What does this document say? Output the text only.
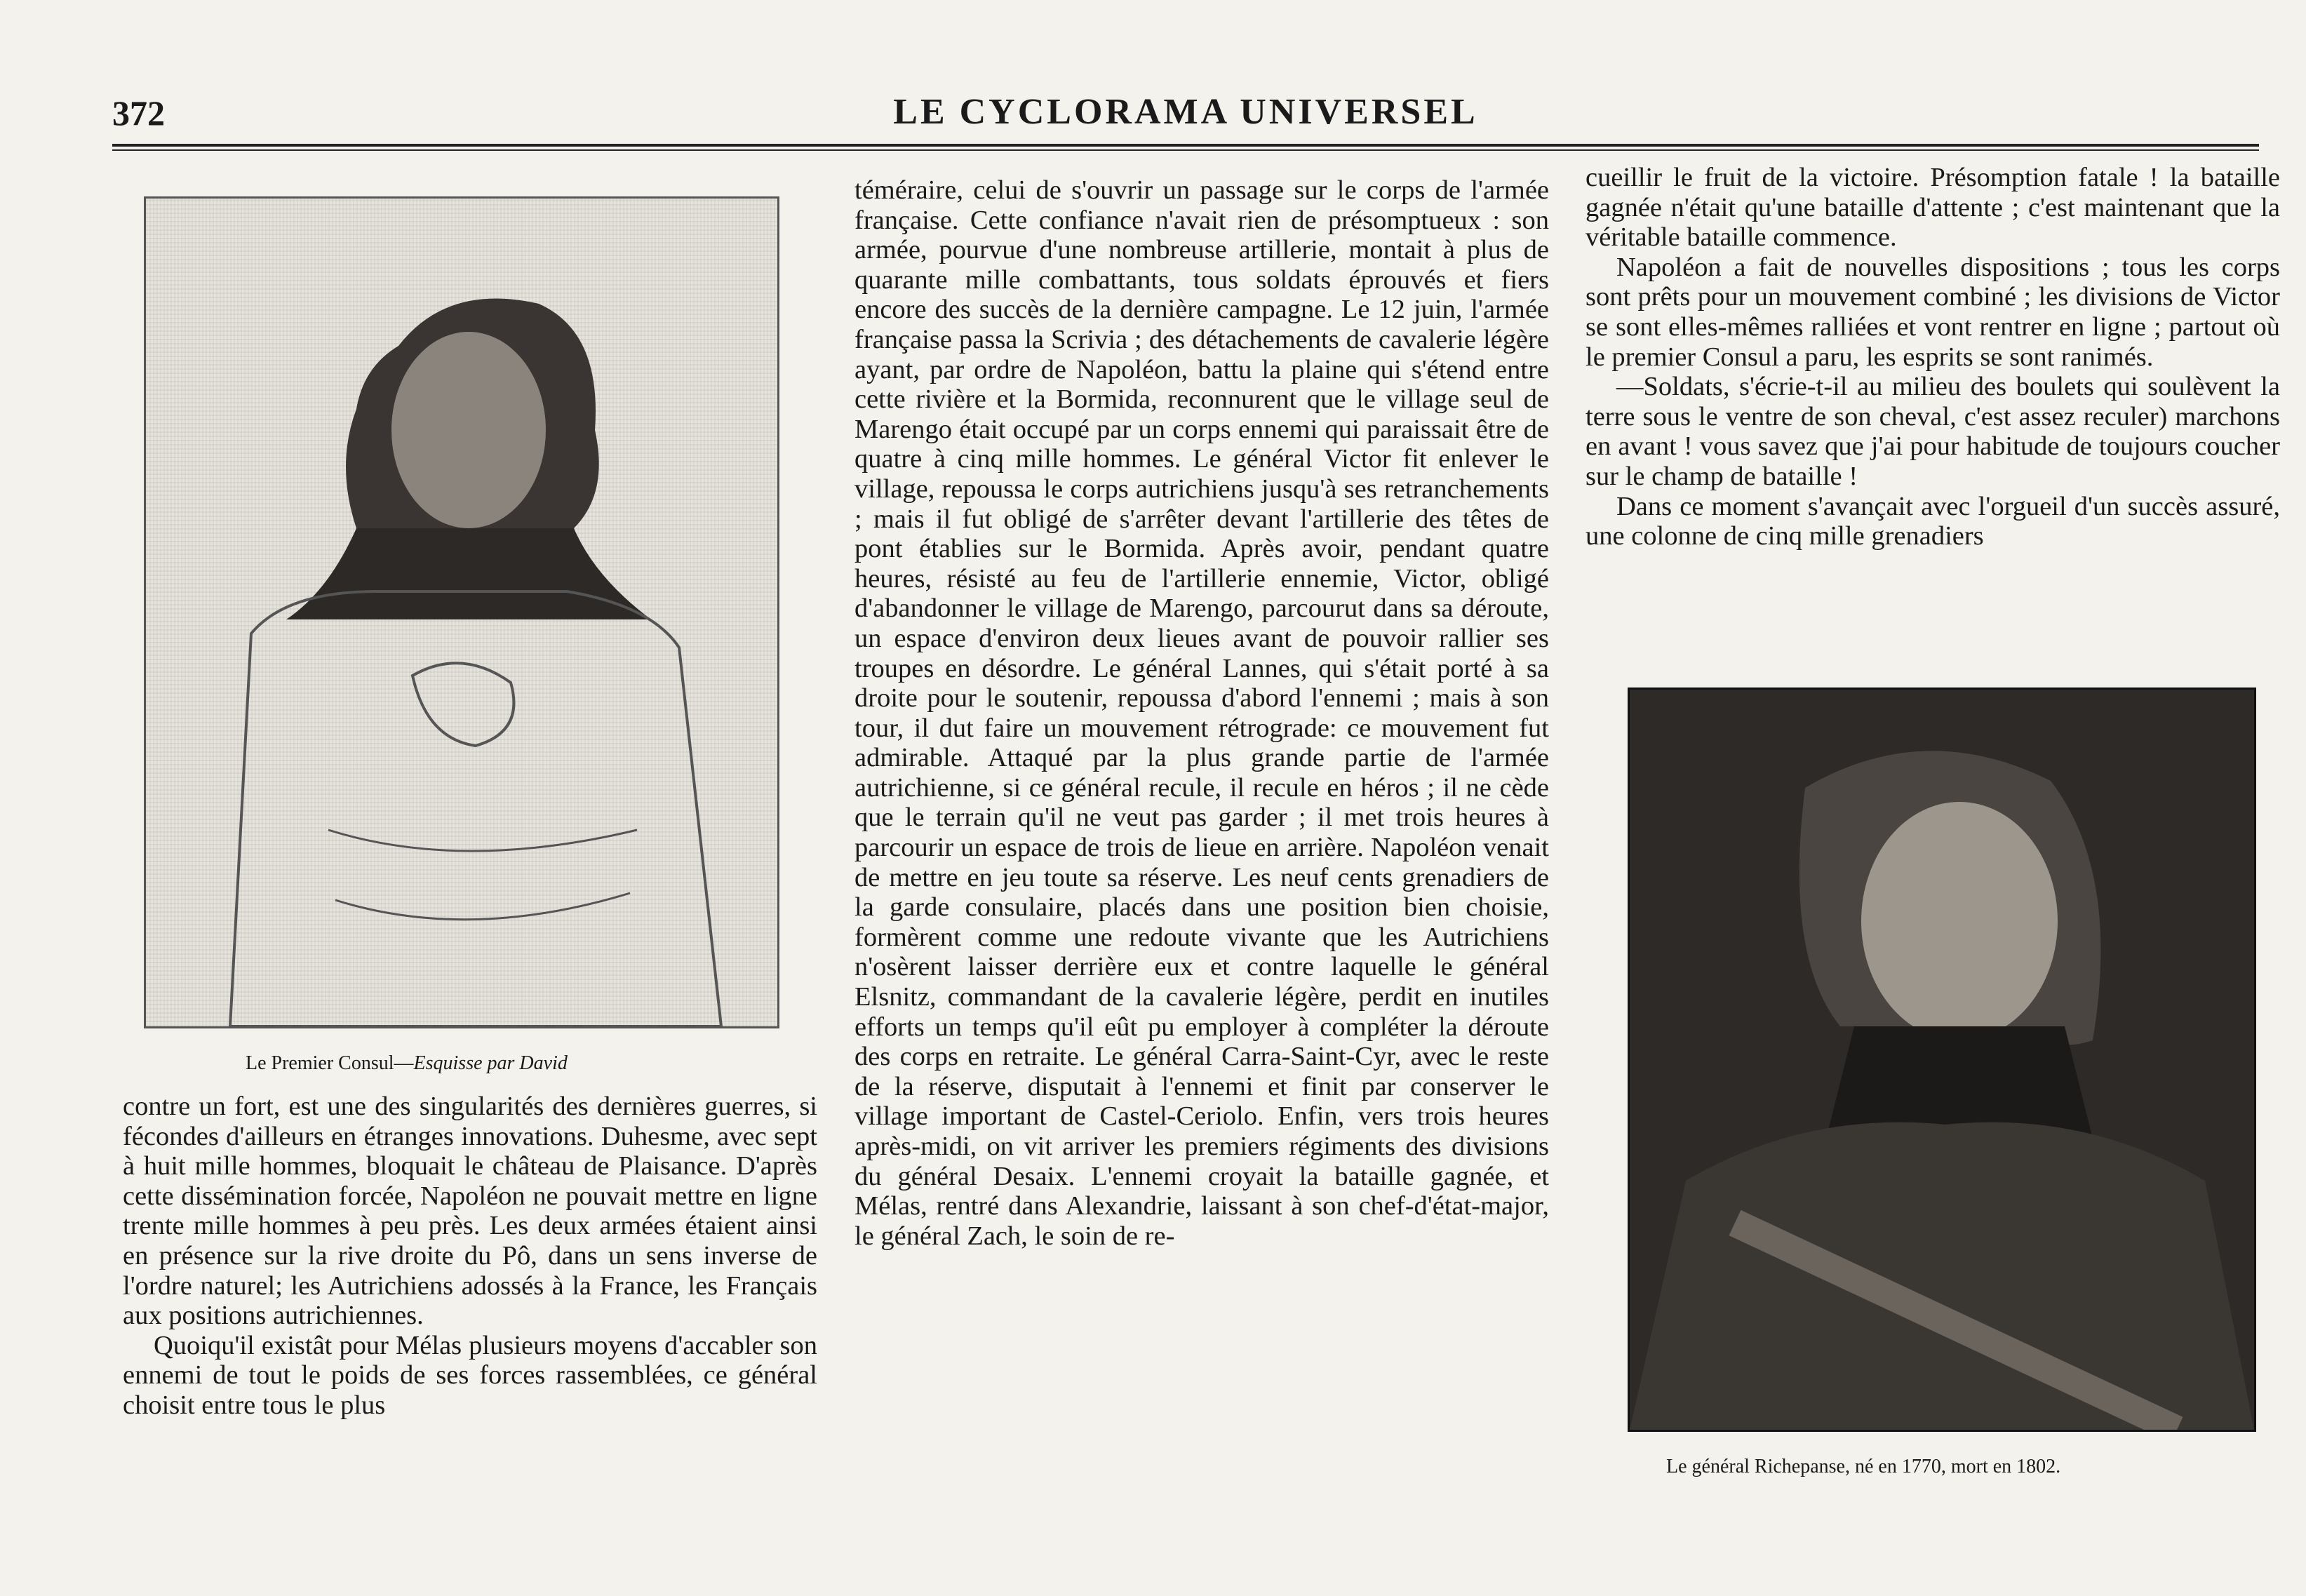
372	LE CYCLORAMA UNIVERSEL
Le Premier Consul—Esquisse par David
Le général Richepanse, né en 1770, mort en 1802.

contre un fort, est une des singularités des dernières guerres, si fécondes d'ailleurs en étranges innovations. Duhesme, avec sept à huit mille hommes, bloquait le château de Plaisance. D'après cette dissémination forcée, Napoléon ne pouvait mettre en ligne trente mille hommes à peu près. Les deux armées étaient ainsi en présence sur la rive droite du Pô, dans un sens inverse de l'ordre naturel; les Autrichiens adossés à la France, les Français aux positions autrichiennes.

Quoiqu'il existât pour Mélas plusieurs moyens d'accabler son ennemi de tout le poids de ses forces rassemblées, ce général choisit entre tous le plus

téméraire, celui de s'ouvrir un passage sur le corps de l'armée française. Cette confiance n'avait rien de présomptueux : son armée, pourvue d'une nombreuse artillerie, montait à plus de quarante mille combattants, tous soldats éprouvés et fiers encore des succès de la dernière campagne. Le 12 juin, l'armée française passa la Scrivia ; des détachements de cavalerie légère ayant, par ordre de Napoléon, battu la plaine qui s'étend entre cette rivière et la Bormida, reconnurent que le village seul de Marengo était occupé par un corps ennemi qui paraissait être de quatre à cinq mille hommes. Le général Victor fit enlever le village, repoussa le corps autrichiens jusqu'à ses retranchements ; mais il fut obligé de s'arrêter devant l'artillerie des têtes de pont établies sur le Bormida. Après avoir, pendant quatre heures, résisté au feu de l'artillerie ennemie, Victor, obligé d'abandonner le village de Marengo, parcourut dans sa déroute, un espace d'environ deux lieues avant de pouvoir rallier ses troupes en désordre. Le général Lannes, qui s'était porté à sa droite pour le soutenir, repoussa d'abord l'ennemi ; mais à son tour, il dut faire un mouvement rétrograde: ce mouvement fut admirable. Attaqué par la plus grande partie de l'armée autrichienne, si ce général recule, il recule en héros ; il ne cède que le terrain qu'il ne veut pas garder ; il met trois heures à parcourir un espace de trois de lieue en arrière. Napoléon venait de mettre en jeu toute sa réserve. Les neuf cents grenadiers de la garde consulaire, placés dans une position bien choisie, formèrent comme une redoute vivante que les Autrichiens n'osèrent laisser derrière eux et contre laquelle le général Elsnitz, commandant de la cavalerie légère, perdit en inutiles efforts un temps qu'il eût pu employer à compléter la déroute des corps en retraite. Le général Carra-Saint-Cyr, avec le reste de la réserve, disputait à l'ennemi et finit par conserver le village important de Castel-Ceriolo. Enfin, vers trois heures après-midi, on vit arriver les premiers régiments des divisions du général Desaix. L'ennemi croyait la bataille gagnée, et Mélas, rentré dans Alexandrie, laissant à son chef-d'état-major, le général Zach, le soin de re-

cueillir le fruit de la victoire. Présomption fatale ! la bataille gagnée n'était qu'une bataille d'attente ; c'est maintenant que la véritable bataille commence.

Napoléon a fait de nouvelles dispositions ; tous les corps sont prêts pour un mouvement combiné ; les divisions de Victor se sont elles-mêmes ralliées et vont rentrer en ligne ; partout où le premier Consul a paru, les esprits se sont ranimés.

—Soldats, s'écrie-t-il au milieu des boulets qui soulèvent la terre sous le ventre de son cheval, c'est assez reculer) marchons en avant ! vous savez que j'ai pour habitude de toujours coucher sur le champ de bataille !

Dans ce moment s'avançait avec l'orgueil d'un succès assuré, une colonne de cinq mille grenadiers
